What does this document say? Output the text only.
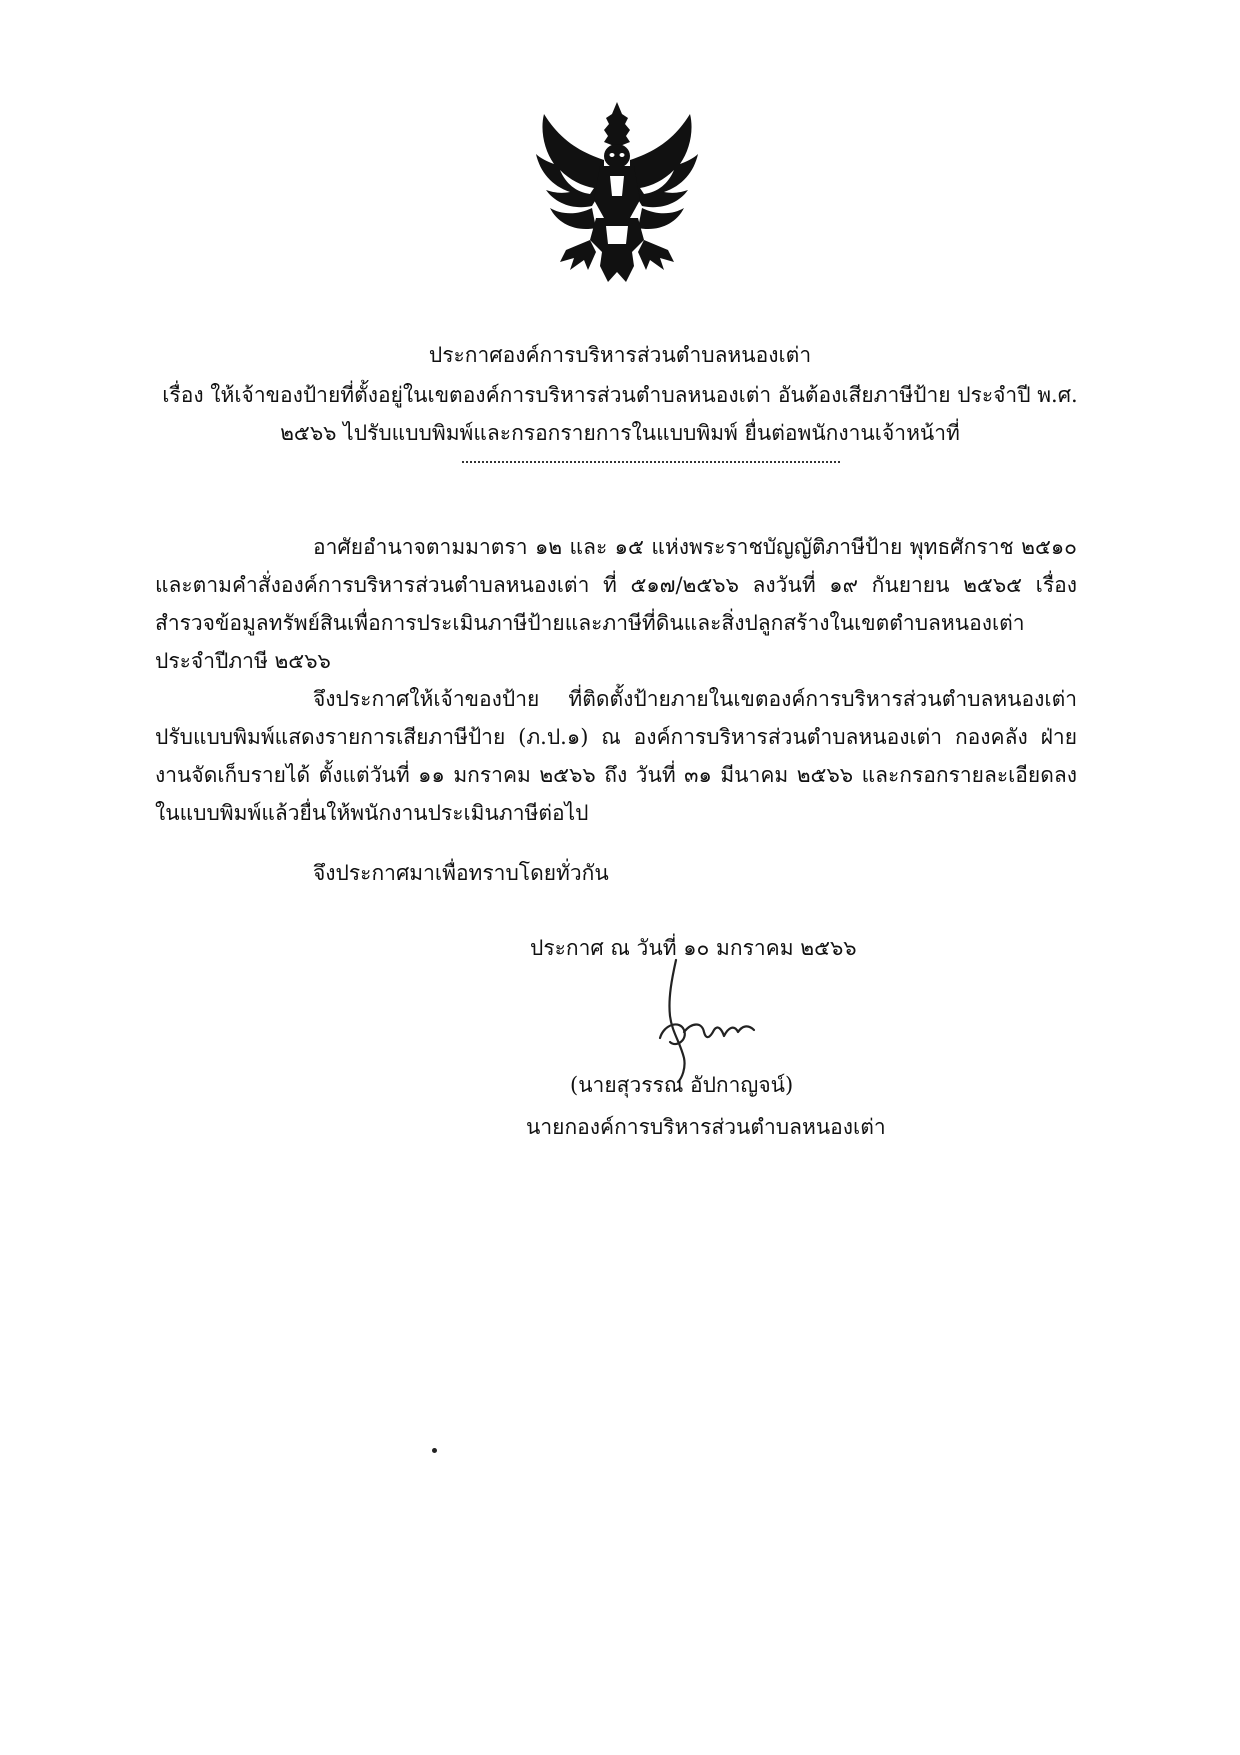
ประกาศองค์การบริหารส่วนตำบลหนองเต่า
เรื่อง ให้เจ้าของป้ายที่ตั้งอยู่ในเขตองค์การบริหารส่วนตำบลหนองเต่า อันต้องเสียภาษีป้าย ประจำปี พ.ศ.
๒๕๖๖ ไปรับแบบพิมพ์และกรอกรายการในแบบพิมพ์ ยื่นต่อพนักงานเจ้าหน้าที่
อาศัยอำนาจตามมาตรา ๑๒ และ ๑๕ แห่งพระราชบัญญัติภาษีป้าย พุทธศักราช ๒๕๑๐ และตามคำสั่งองค์การบริหารส่วนตำบลหนองเต่า ที่ ๕๑๗/๒๕๖๖ ลงวันที่ ๑๙ กันยายน ๒๕๖๕ เรื่อง สำรวจข้อมูลทรัพย์สินเพื่อการประเมินภาษีป้ายและภาษีที่ดินและสิ่งปลูกสร้างในเขตตำบลหนองเต่า ประจำปีภาษี ๒๕๖๖
จึงประกาศให้เจ้าของป้าย ที่ติดตั้งป้ายภายในเขตองค์การบริหารส่วนตำบลหนองเต่า ปรับแบบพิมพ์แสดงรายการเสียภาษีป้าย (ภ.ป.๑) ณ องค์การบริหารส่วนตำบลหนองเต่า กองคลัง ฝ่ายงานจัดเก็บรายได้ ตั้งแต่วันที่ ๑๑ มกราคม ๒๕๖๖ ถึง วันที่ ๓๑ มีนาคม ๒๕๖๖ และกรอกรายละเอียดลงในแบบพิมพ์แล้วยื่นให้พนักงานประเมินภาษีต่อไป
จึงประกาศมาเพื่อทราบโดยทั่วกัน
ประกาศ ณ วันที่ ๑๐ มกราคม ๒๕๖๖
(นายสุวรรณ อัปกาญจน์)
นายกองค์การบริหารส่วนตำบลหนองเต่า
